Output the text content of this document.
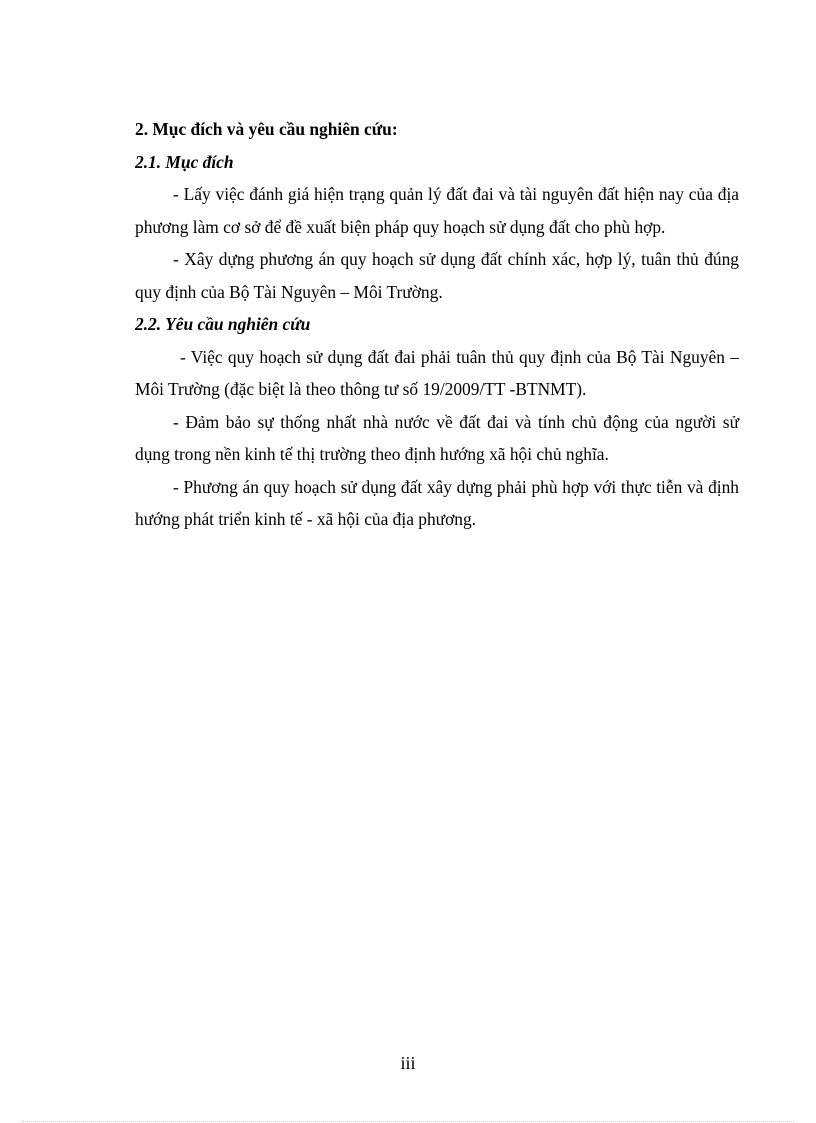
2. Mục đích và yêu cầu nghiên cứu:

2.1. Mục đích

- Lấy việc đánh giá hiện trạng quản lý đất đai và tài nguyên đất hiện nay của địa phương làm cơ sở để đề xuất biện pháp quy hoạch sử dụng đất cho phù hợp.

- Xây dựng phương án quy hoạch sử dụng đất chính xác, hợp lý, tuân thủ đúng quy định của Bộ Tài Nguyên – Môi Trường.

2.2. Yêu cầu nghiên cứu

- Việc quy hoạch sử dụng đất đai phải tuân thủ quy định của Bộ Tài Nguyên – Môi Trường (đặc biệt là theo thông tư số 19/2009/TT -BTNMT).

- Đảm bảo sự thống nhất nhà nước về đất đai và tính chủ động của người sử dụng trong nền kinh tế thị trường theo định hướng xã hội chủ nghĩa.

- Phương án quy hoạch sử dụng đất xây dựng phải phù hợp với thực tiễn và định hướng phát triển kinh tế - xã hội của địa phương.

iii
